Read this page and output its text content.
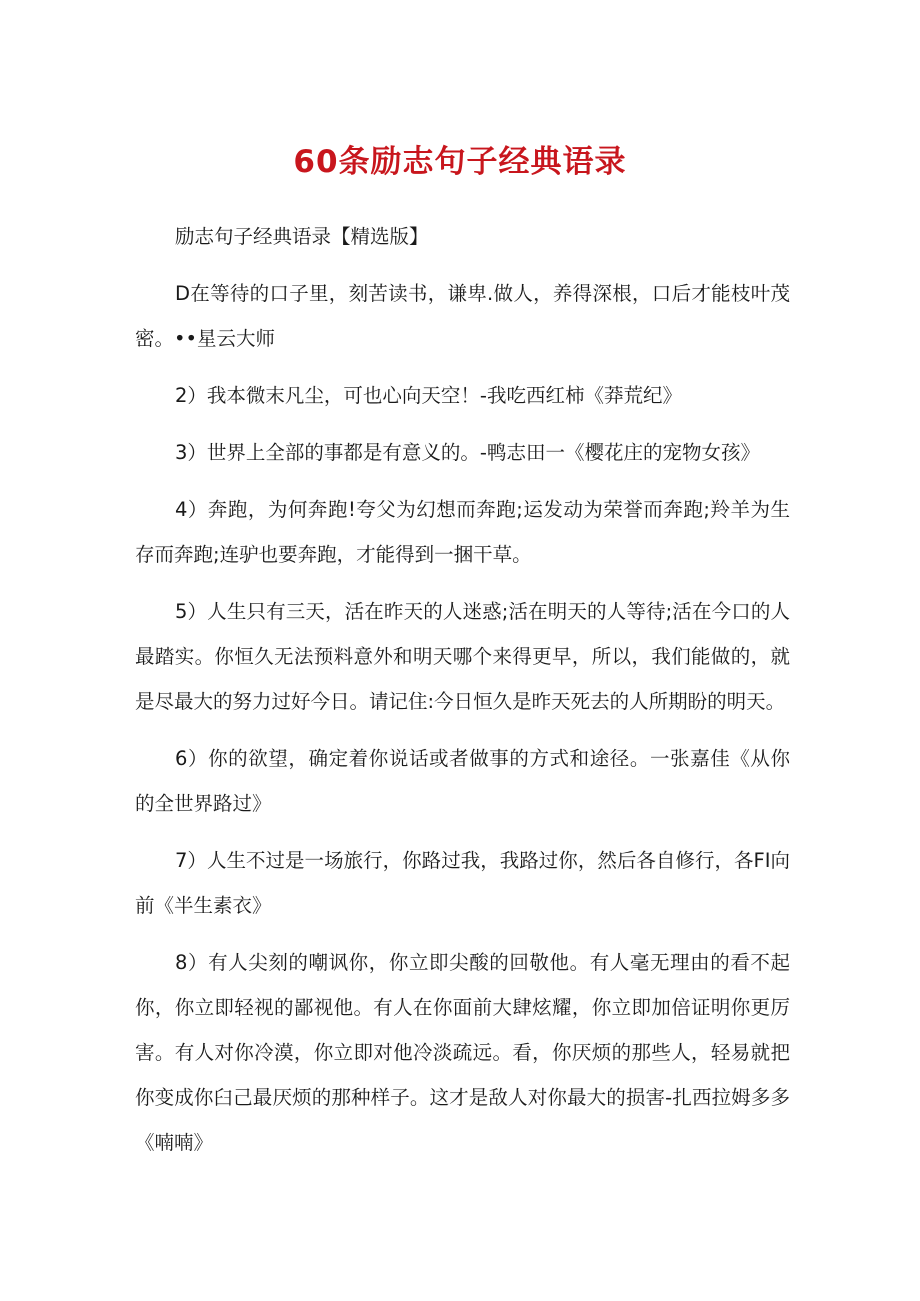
60条励志句子经典语录

励志句子经典语录【精选版】

D在等待的口子里，刻苦读书，谦卑.做人，养得深根，口后才能枝叶茂密。••星云大师

2）我本微末凡尘，可也心向天空！-我吃西红柿《莽荒纪》

3）世界上全部的事都是有意义的。-鸭志田一《樱花庄的宠物女孩》

4）奔跑，为何奔跑!夸父为幻想而奔跑;运发动为荣誉而奔跑;羚羊为生存而奔跑;连驴也要奔跑，才能得到一捆干草。

5）人生只有三天，活在昨天的人迷惑;活在明天的人等待;活在今口的人最踏实。你恒久无法预料意外和明天哪个来得更早，所以，我们能做的，就是尽最大的努力过好今日。请记住:今日恒久是昨天死去的人所期盼的明天。

6）你的欲望，确定着你说话或者做事的方式和途径。一张嘉佳《从你的全世界路过》

7）人生不过是一场旅行，你路过我，我路过你，然后各自修行，各FI向前《半生素衣》

8）有人尖刻的嘲讽你，你立即尖酸的回敬他。有人毫无理由的看不起你，你立即轻视的鄙视他。有人在你面前大肆炫耀，你立即加倍证明你更厉害。有人对你冷漠，你立即对他冷淡疏远。看，你厌烦的那些人，轻易就把你变成你臼己最厌烦的那种样子。这才是敌人对你最大的损害-扎西拉姆多多《喃喃》
